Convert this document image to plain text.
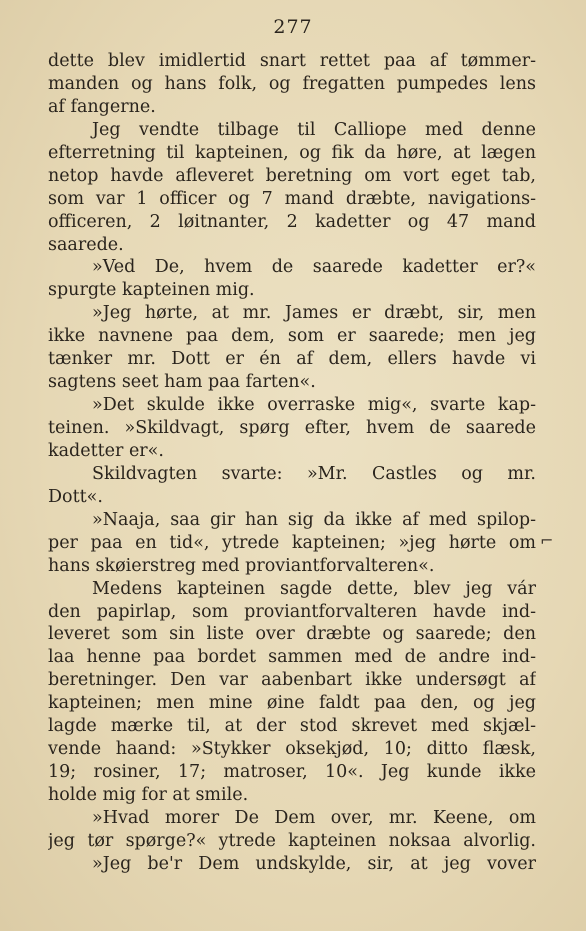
277
dette blev imidlertid snart rettet paa af tømmer-
manden og hans folk, og fregatten pumpedes lens
af fangerne.
Jeg vendte tilbage til Calliope med denne
efterretning til kapteinen, og fik da høre, at lægen
netop havde afleveret beretning om vort eget tab,
som var 1 officer og 7 mand dræbte, navigations-
officeren, 2 løitnanter, 2 kadetter og 47 mand
saarede.
»Ved De, hvem de saarede kadetter er?«
spurgte kapteinen mig.
»Jeg hørte, at mr. James er dræbt, sir, men
ikke navnene paa dem, som er saarede; men jeg
tænker mr. Dott er én af dem, ellers havde vi
sagtens seet ham paa farten«.
»Det skulde ikke overraske mig«, svarte kap-
teinen. »Skildvagt, spørg efter, hvem de saarede
kadetter er«.
Skildvagten svarte: »Mr. Castles og mr.
Dott«.
»Naaja, saa gir han sig da ikke af med spilop-
per paa en tid«, ytrede kapteinen; »jeg hørte om
hans skøierstreg med proviantforvalteren«.
Medens kapteinen sagde dette, blev jeg vár
den papirlap, som proviantforvalteren havde ind-
leveret som sin liste over dræbte og saarede; den
laa henne paa bordet sammen med de andre ind-
beretninger. Den var aabenbart ikke undersøgt af
kapteinen; men mine øine faldt paa den, og jeg
lagde mærke til, at der stod skrevet med skjæl-
vende haand: »Stykker oksekjød, 10; ditto flæsk,
19; rosiner, 17; matroser, 10«. Jeg kunde ikke
holde mig for at smile.
»Hvad morer De Dem over, mr. Keene, om
jeg tør spørge?« ytrede kapteinen noksaa alvorlig.
»Jeg be'r Dem undskylde, sir, at jeg vover
⌐
